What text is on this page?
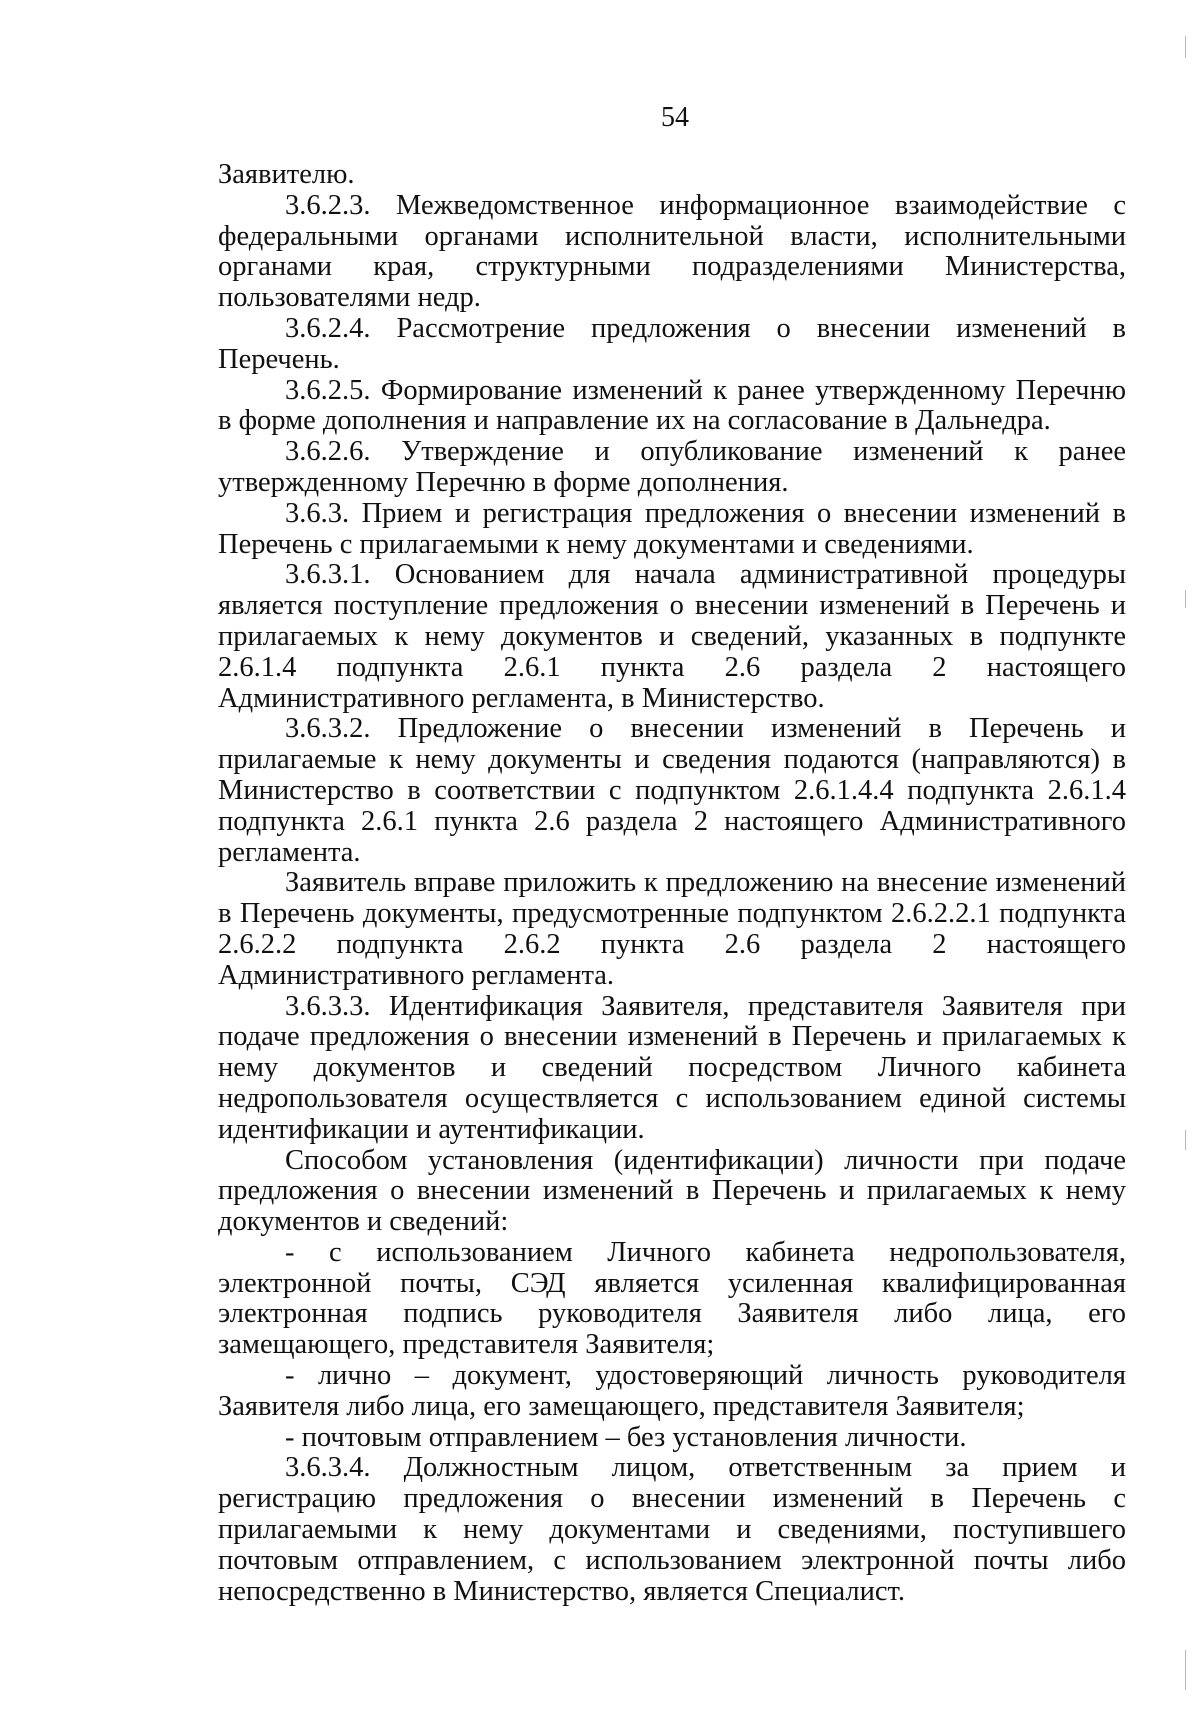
54

Заявителю.

3.6.2.3. Межведомственное информационное взаимодействие с федеральными органами исполнительной власти, исполнительными органами края, структурными подразделениями Министерства, пользователями недр.

3.6.2.4. Рассмотрение предложения о внесении изменений в Перечень.

3.6.2.5. Формирование изменений к ранее утвержденному Перечню в форме дополнения и направление их на согласование в Дальнедра.

3.6.2.6. Утверждение и опубликование изменений к ранее утвержденному Перечню в форме дополнения.

3.6.3. Прием и регистрация предложения о внесении изменений в Перечень с прилагаемыми к нему документами и сведениями.

3.6.3.1. Основанием для начала административной процедуры является поступление предложения о внесении изменений в Перечень и прилагаемых к нему документов и сведений, указанных в подпункте 2.6.1.4 подпункта 2.6.1 пункта 2.6 раздела 2 настоящего Административного регламента, в Министерство.

3.6.3.2. Предложение о внесении изменений в Перечень и прилагаемые к нему документы и сведения подаются (направляются) в Министерство в соответствии с подпунктом 2.6.1.4.4 подпункта 2.6.1.4 подпункта 2.6.1 пункта 2.6 раздела 2 настоящего Административного регламента.

Заявитель вправе приложить к предложению на внесение изменений в Перечень документы, предусмотренные подпунктом 2.6.2.2.1 подпункта 2.6.2.2 подпункта 2.6.2 пункта 2.6 раздела 2 настоящего Административного регламента.

3.6.3.3. Идентификация Заявителя, представителя Заявителя при подаче предложения о внесении изменений в Перечень и прилагаемых к нему документов и сведений посредством Личного кабинета недропользователя осуществляется с использованием единой системы идентификации и аутентификации.

Способом установления (идентификации) личности при подаче предложения о внесении изменений в Перечень и прилагаемых к нему документов и сведений:

- с использованием Личного кабинета недропользователя, электронной почты, СЭД является усиленная квалифицированная электронная подпись руководителя Заявителя либо лица, его замещающего, представителя Заявителя;

- лично – документ, удостоверяющий личность руководителя Заявителя либо лица, его замещающего, представителя Заявителя;

- почтовым отправлением – без установления личности.

3.6.3.4. Должностным лицом, ответственным за прием и регистрацию предложения о внесении изменений в Перечень с прилагаемыми к нему документами и сведениями, поступившего почтовым отправлением, с использованием электронной почты либо непосредственно в Министерство, является Специалист.
